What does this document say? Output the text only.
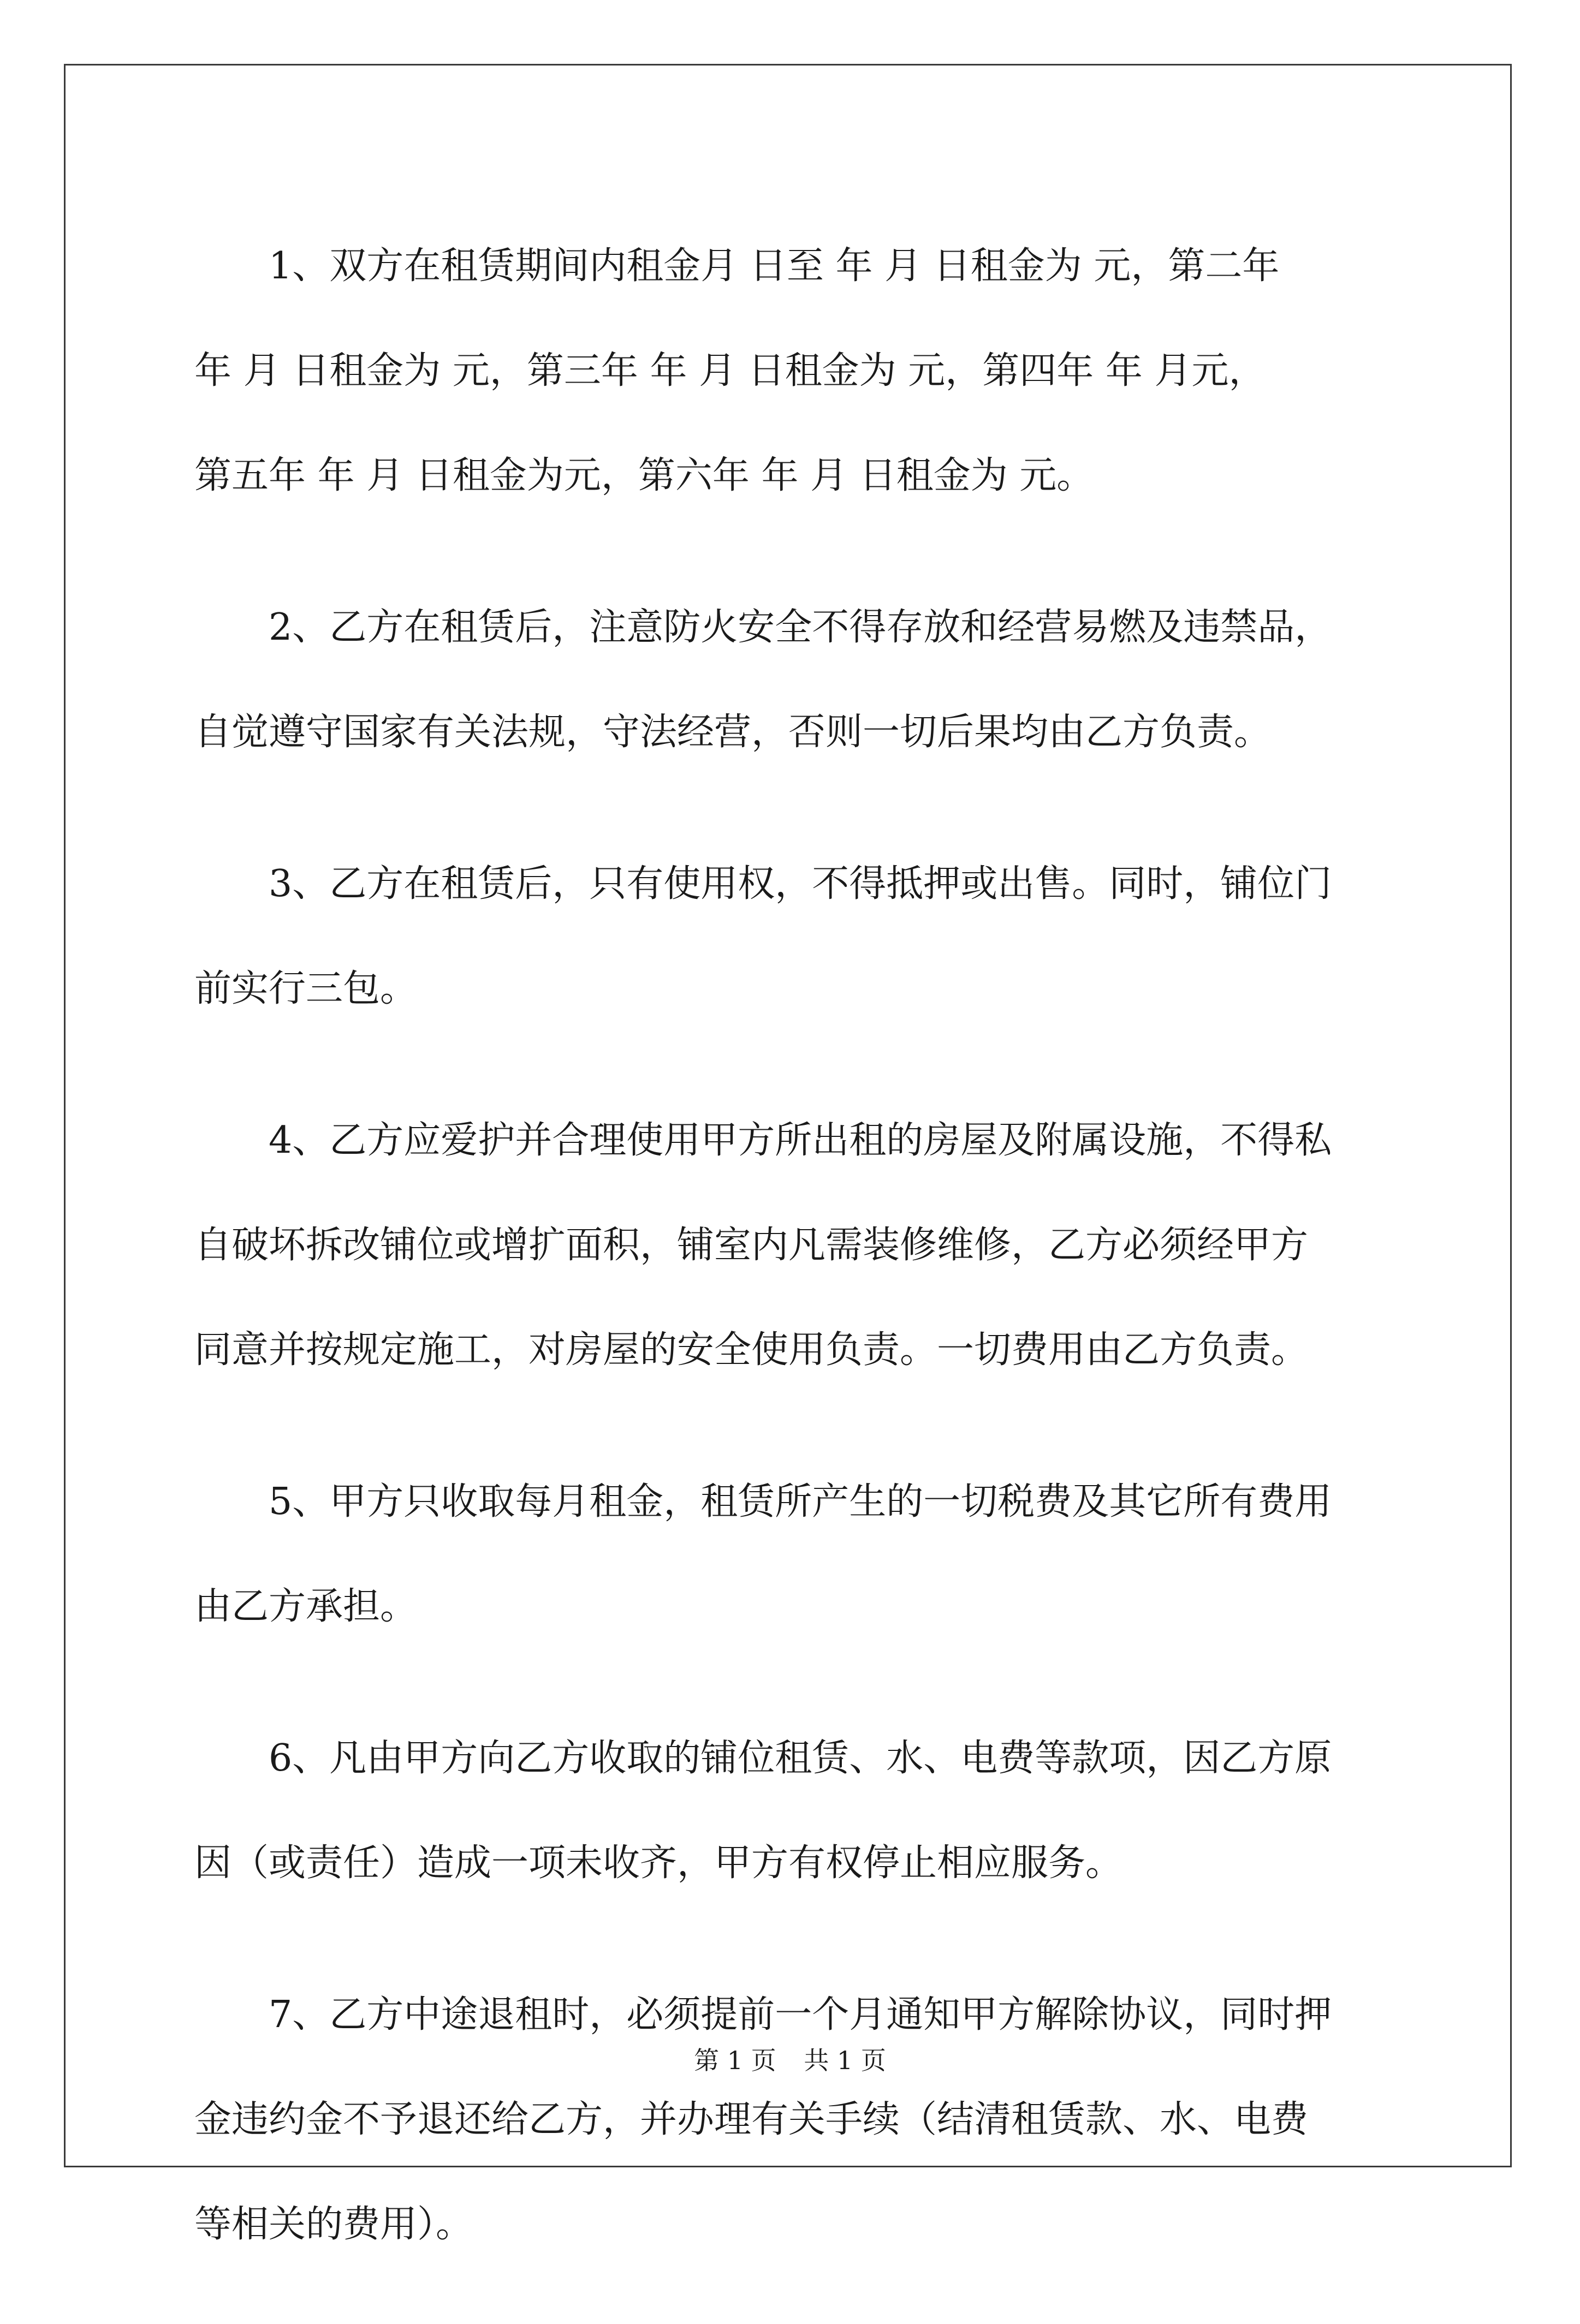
1、双方在租赁期间内租金月 日至 年 月 日租金为 元，第二年
年 月 日租金为 元，第三年 年 月 日租金为 元，第四年 年 月元，
第五年 年 月 日租金为元，第六年 年 月 日租金为 元。

2、乙方在租赁后，注意防火安全不得存放和经营易燃及违禁品，
自觉遵守国家有关法规，守法经营，否则一切后果均由乙方负责。

3、乙方在租赁后，只有使用权，不得抵押或出售。同时，铺位门
前实行三包。

4、乙方应爱护并合理使用甲方所出租的房屋及附属设施，不得私
自破坏拆改铺位或增扩面积，铺室内凡需装修维修，乙方必须经甲方
同意并按规定施工，对房屋的安全使用负责。一切费用由乙方负责。

5、甲方只收取每月租金，租赁所产生的一切税费及其它所有费用
由乙方承担。

6、凡由甲方向乙方收取的铺位租赁、水、电费等款项，因乙方原
因（或责任）造成一项未收齐，甲方有权停止相应服务。

7、乙方中途退租时，必须提前一个月通知甲方解除协议，同时押
金违约金不予退还给乙方，并办理有关手续（结清租赁款、水、电费
等相关的费用）。

第 1 页 共 1 页
